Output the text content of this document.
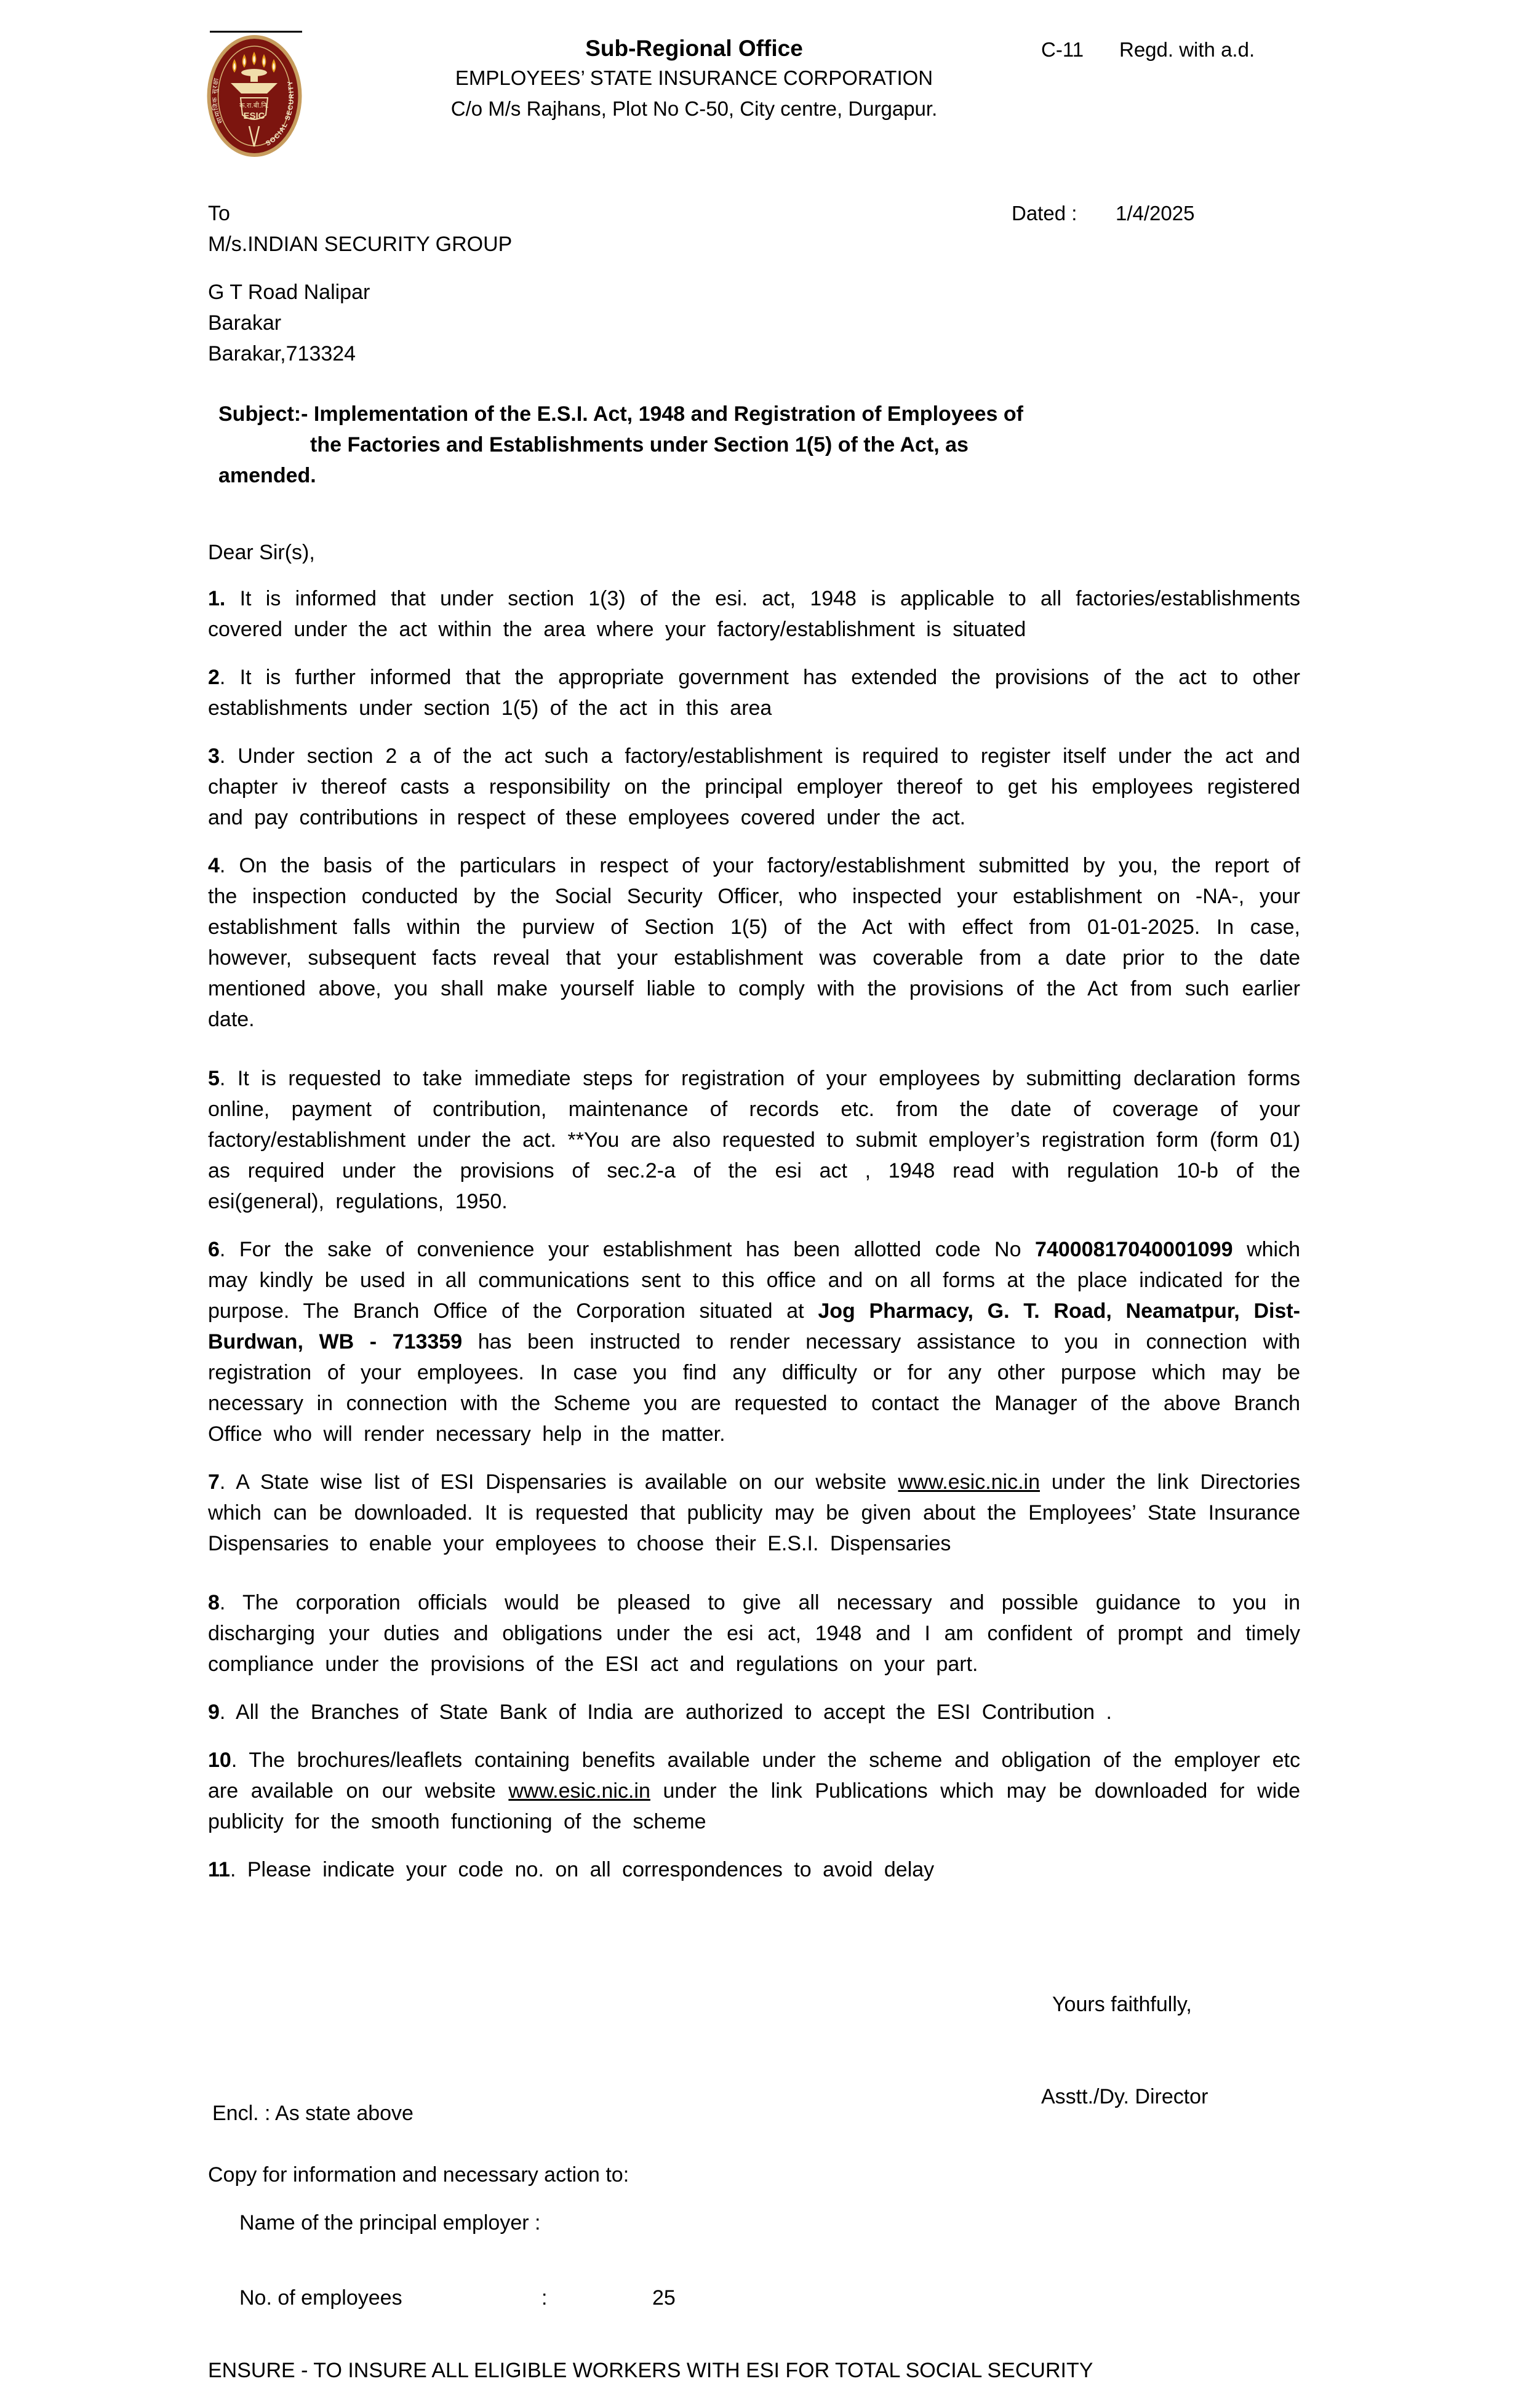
क.रा.बी.नि.
ESIC
सामाजिक सुरक्षा
SOCIAL SECURITY
Sub-Regional Office
EMPLOYEES’ STATE INSURANCE CORPORATION
C/o M/s Rajhans, Plot No C-50, City centre, Durgapur.
C-11 Regd. with a.d.
Dated : 1/4/2025
To
M/s.INDIAN SECURITY GROUP
G T Road Nalipar
Barakar
Barakar,713324
Subject:- Implementation of the E.S.I. Act, 1948 and Registration of Employees of
the Factories and Establishments under Section 1(5) of the Act, as
amended.
Dear Sir(s),

1. It is informed that under section 1(3) of the esi. act, 1948 is applicable to all factories/establishments covered under the act within the area where your factory/establishment is situated

2. It is further informed that the appropriate government has extended the provisions of the act to other establishments under section 1(5) of the act in this area

3. Under section 2 a of the act such a factory/establishment is required to register itself under the act and chapter iv thereof casts a responsibility on the principal employer thereof to get his employees registered and pay contributions in respect of these employees covered under the act.

4. On the basis of the particulars in respect of your factory/establishment submitted by you, the report of the inspection conducted by the Social Security Officer, who inspected your establishment on -NA-, your establishment falls within the purview of Section 1(5) of the Act with effect from 01-01-2025. In case, however, subsequent facts reveal that your establishment was coverable from a date prior to the date mentioned above, you shall make yourself liable to comply with the provisions of the Act from such earlier date.

5. It is requested to take immediate steps for registration of your employees by submitting declaration forms online, payment of contribution, maintenance of records etc. from the date of coverage of your factory/establishment under the act. **You are also requested to submit employer’s registration form (form 01) as required under the provisions of sec.2-a of the esi act , 1948 read with regulation 10-b of the esi(general), regulations, 1950.

6. For the sake of convenience your establishment has been allotted code No 74000817040001099 which may kindly be used in all communications sent to this office and on all forms at the place indicated for the purpose. The Branch Office of the Corporation situated at Jog Pharmacy, G. T. Road, Neamatpur, Dist- Burdwan, WB - 713359 has been instructed to render necessary assistance to you in connection with registration of your employees. In case you find any difficulty or for any other purpose which may be necessary in connection with the Scheme you are requested to contact the Manager of the above Branch Office who will render necessary help in the matter.

7. A State wise list of ESI Dispensaries is available on our website www.esic.nic.in under the link Directories which can be downloaded. It is requested that publicity may be given about the Employees’ State Insurance Dispensaries to enable your employees to choose their E.S.I. Dispensaries

8. The corporation officials would be pleased to give all necessary and possible guidance to you in discharging your duties and obligations under the esi act, 1948 and I am confident of prompt and timely compliance under the provisions of the ESI act and regulations on your part.

9. All the Branches of State Bank of India are authorized to accept the ESI Contribution .

10. The brochures/leaflets containing benefits available under the scheme and obligation of the employer etc are available on our website www.esic.nic.in under the link Publications which may be downloaded for wide publicity for the smooth functioning of the scheme

11. Please indicate your code no. on all correspondences to avoid delay

Yours faithfully,
Asstt./Dy. Director
Encl. : As state above
Copy for information and necessary action to:
Name of the principal employer :
No. of employees	:	25
ENSURE - TO INSURE ALL ELIGIBLE WORKERS WITH ESI FOR TOTAL SOCIAL SECURITY
